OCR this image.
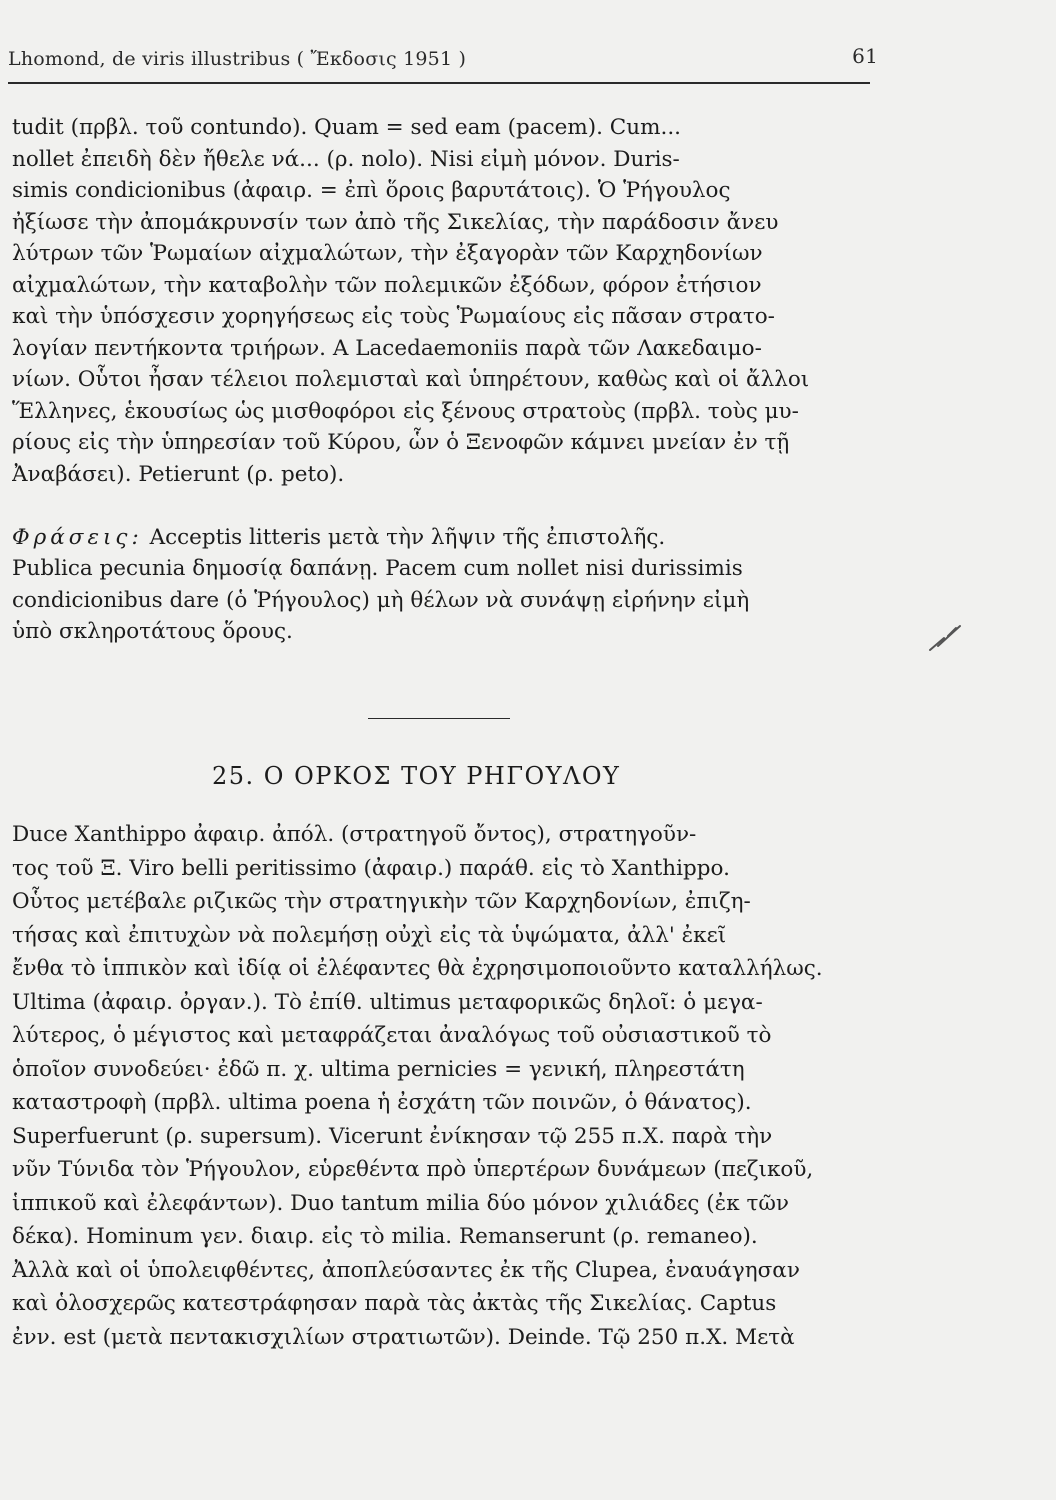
Lhomond, de viris illustribus ( Ἔκδοσις 1951 )	61
tudit (πρβλ. τοῦ contundo). Quam = sed eam (pacem). Cum...
nollet ἐπειδὴ δὲν ἤθελε νά... (ρ. nolo). Nisi εἰμὴ μόνον. Duris-
simis condicionibus (ἀφαιρ. = ἐπὶ ὅροις βαρυτάτοις). Ὁ Ῥήγουλος
ἠξίωσε τὴν ἀπομάκρυνσίν των ἀπὸ τῆς Σικελίας, τὴν παράδοσιν ἄνευ
λύτρων τῶν Ῥωμαίων αἰχμαλώτων, τὴν ἐξαγορὰν τῶν Καρχηδονίων
αἰχμαλώτων, τὴν καταβολὴν τῶν πολεμικῶν ἐξόδων, φόρον ἐτήσιον
καὶ τὴν ὑπόσχεσιν χορηγήσεως εἰς τοὺς Ῥωμαίους εἰς πᾶσαν στρατο-
λογίαν πεντήκοντα τριήρων. A Lacedaemoniis παρὰ τῶν Λακεδαιμο-
νίων. Οὗτοι ἦσαν τέλειοι πολεμισταὶ καὶ ὑπηρέτουν, καθὼς καὶ οἱ ἄλλοι
Ἕλληνες, ἑκουσίως ὡς μισθοφόροι εἰς ξένους στρατοὺς (πρβλ. τοὺς μυ-
ρίους εἰς τὴν ὑπηρεσίαν τοῦ Κύρου, ὧν ὁ Ξενοφῶν κάμνει μνείαν ἐν τῇ
Ἀναβάσει). Petierunt (ρ. peto).
Φράσεις: Acceptis litteris μετὰ τὴν λῆψιν τῆς ἐπιστολῆς.
Publica pecunia δημοσίᾳ δαπάνῃ. Pacem cum nollet nisi durissimis
condicionibus dare (ὁ Ῥήγουλος) μὴ θέλων νὰ συνάψῃ εἰρήνην εἰμὴ
ὑπὸ σκληροτάτους ὅρους.
25. Ο ΟΡΚΟΣ ΤΟΥ ΡΗΓΟΥΛΟΥ
Duce Xanthippo ἀφαιρ. ἀπόλ. (στρατηγοῦ ὄντος), στρατηγοῦν-
τος τοῦ Ξ. Viro belli peritissimo (ἀφαιρ.) παράθ. εἰς τὸ Xanthippo.
Οὗτος μετέβαλε ριζικῶς τὴν στρατηγικὴν τῶν Καρχηδονίων, ἐπιζη-
τήσας καὶ ἐπιτυχὼν νὰ πολεμήσῃ οὐχὶ εἰς τὰ ὑψώματα, ἀλλ' ἐκεῖ
ἔνθα τὸ ἱππικὸν καὶ ἰδίᾳ οἱ ἐλέφαντες θὰ ἐχρησιμοποιοῦντο καταλλήλως.
Ultima (ἀφαιρ. ὀργαν.). Τὸ ἐπίθ. ultimus μεταφορικῶς δηλοῖ: ὁ μεγα-
λύτερος, ὁ μέγιστος καὶ μεταφράζεται ἀναλόγως τοῦ οὐσιαστικοῦ τὸ
ὁποῖον συνοδεύει· ἐδῶ π. χ. ultima pernicies = γενική, πληρεστάτη
καταστροφὴ (πρβλ. ultima poena ἡ ἐσχάτη τῶν ποινῶν, ὁ θάνατος).
Superfuerunt (ρ. supersum). Vicerunt ἐνίκησαν τῷ 255 π.Χ. παρὰ τὴν
νῦν Τύνιδα τὸν Ῥήγουλον, εὑρεθέντα πρὸ ὑπερτέρων δυνάμεων (πεζικοῦ,
ἱππικοῦ καὶ ἐλεφάντων). Duo tantum milia δύο μόνον χιλιάδες (ἐκ τῶν
δέκα). Hominum γεν. διαιρ. εἰς τὸ milia. Remanserunt (ρ. remaneo).
Ἀλλὰ καὶ οἱ ὑπολειφθέντες, ἀποπλεύσαντες ἐκ τῆς Clupea, ἐναυάγησαν
καὶ ὁλοσχερῶς κατεστράφησαν παρὰ τὰς ἀκτὰς τῆς Σικελίας. Captus
ἐνν. est (μετὰ πεντακισχιλίων στρατιωτῶν). Deinde. Τῷ 250 π.Χ. Μετὰ
